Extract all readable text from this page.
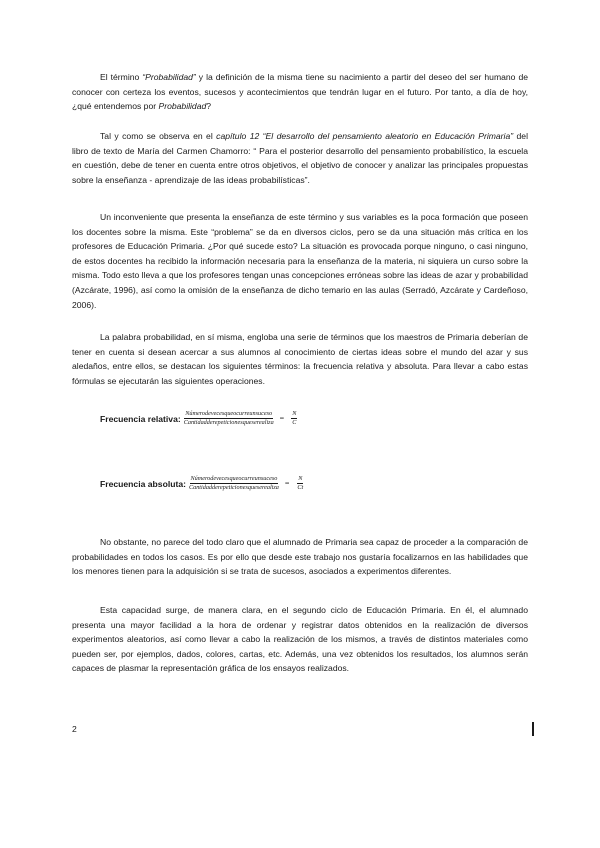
El término “Probabilidad” y la definición de la misma tiene su nacimiento a partir del deseo del ser humano de conocer con certeza los eventos, sucesos y acontecimientos que tendrán lugar en el futuro. Por tanto, a día de hoy, ¿qué entendemos por Probabilidad?

Tal y como se observa en el capítulo 12 “El desarrollo del pensamiento aleatorio en Educación Primaria” del libro de texto de María del Carmen Chamorro: “ Para el posterior desarrollo del pensamiento probabilístico, la escuela en cuestión, debe de tener en cuenta entre otros objetivos, el objetivo de conocer y analizar las principales propuestas sobre la enseñanza - aprendizaje de las ideas probabilísticas”.

Un inconveniente que presenta la enseñanza de este término y sus variables es la poca formación que poseen los docentes sobre la misma. Este “problema” se da en diversos ciclos, pero se da una situación más crítica en los profesores de Educación Primaria. ¿Por qué sucede esto? La situación es provocada porque ninguno, o casi ninguno, de estos docentes ha recibido la información necesaria para la enseñanza de la materia, ni siquiera un curso sobre la misma. Todo esto lleva a que los profesores tengan unas concepciones erróneas sobre las ideas de azar y probabilidad (Azcárate, 1996), así como la omisión de la enseñanza de dicho temario en las aulas (Serradó, Azcárate y Cardeñoso, 2006).

La palabra probabilidad, en sí misma, engloba una serie de términos que los maestros de Primaria deberían de tener en cuenta si desean acercar a sus alumnos al conocimiento de ciertas ideas sobre el mundo del azar y sus aledaños, entre ellos, se destacan los siguientes términos: la frecuencia relativa y absoluta. Para llevar a cabo estas fórmulas se ejecutarán las siguientes operaciones.

Frecuencia relativa: $\frac{\text{Númerodevecesqueocurreunsuceso}}{\text{Cantidadderepeticionesqueserealiza}} = \frac{N}{C}$
Frecuencia absoluta: $\frac{\text{Númerodevecesqueocurreunsuceso}}{\text{Cantidadderepeticionesqueserealiza}} = \frac{N}{Ct}$

No obstante, no parece del todo claro que el alumnado de Primaria sea capaz de proceder a la comparación de probabilidades en todos los casos. Es por ello que desde este trabajo nos gustaría focalizarnos en las habilidades que los menores tienen para la adquisición si se trata de sucesos, asociados a experimentos diferentes.

Esta capacidad surge, de manera clara, en el segundo ciclo de Educación Primaria. En él, el alumnado presenta una mayor facilidad a la hora de ordenar y registrar datos obtenidos en la realización de diversos experimentos aleatorios, así como llevar a cabo la realización de los mismos, a través de distintos materiales como pueden ser, por ejemplos, dados, colores, cartas, etc. Además, una vez obtenidos los resultados, los alumnos serán capaces de plasmar la representación gráfica de los ensayos realizados.

2
